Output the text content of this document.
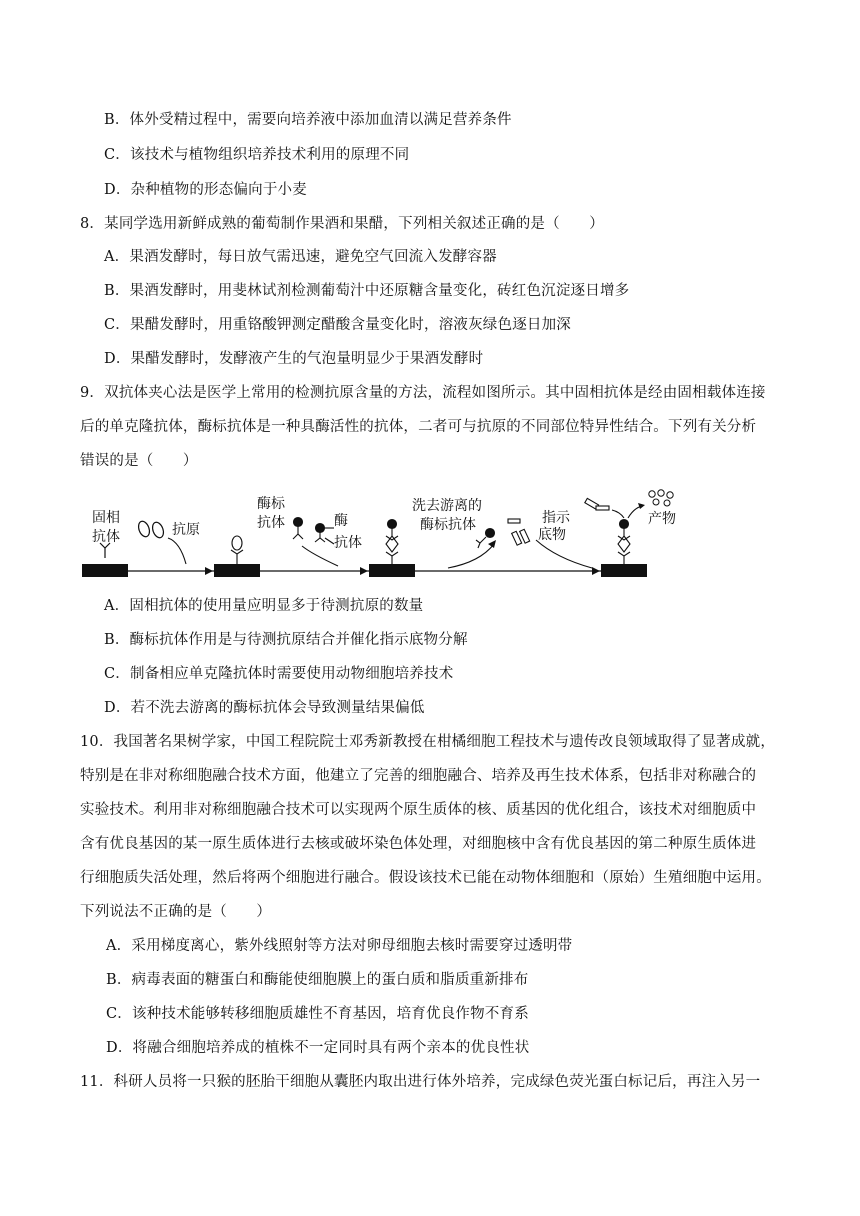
B．体外受精过程中，需要向培养液中添加血清以满足营养条件
C．该技术与植物组织培养技术利用的原理不同
D．杂种植物的形态偏向于小麦
8．某同学选用新鲜成熟的葡萄制作果酒和果醋，下列相关叙述正确的是（　　）
A．果酒发酵时，每日放气需迅速，避免空气回流入发酵容器
B．果酒发酵时，用斐林试剂检测葡萄汁中还原糖含量变化，砖红色沉淀逐日增多
C．果醋发酵时，用重铬酸钾测定醋酸含量变化时，溶液灰绿色逐日加深
D．果醋发酵时，发酵液产生的气泡量明显少于果酒发酵时
9．双抗体夹心法是医学上常用的检测抗原含量的方法，流程如图所示。其中固相抗体是经由固相载体连接
后的单克隆抗体，酶标抗体是一种具酶活性的抗体，二者可与抗原的不同部位特异性结合。下列有关分析
错误的是（　　）
固相
抗体	抗原
酶标
抗体	酶
抗体
洗去游离的
酶标抗体	指示
底物
产物
A．固相抗体的使用量应明显多于待测抗原的数量
B．酶标抗体作用是与待测抗原结合并催化指示底物分解
C．制备相应单克隆抗体时需要使用动物细胞培养技术
D．若不洗去游离的酶标抗体会导致测量结果偏低
10．我国著名果树学家，中国工程院院士邓秀新教授在柑橘细胞工程技术与遗传改良领域取得了显著成就，
特别是在非对称细胞融合技术方面，他建立了完善的细胞融合、培养及再生技术体系，包括非对称融合的
实验技术。利用非对称细胞融合技术可以实现两个原生质体的核、质基因的优化组合，该技术对细胞质中
含有优良基因的某一原生质体进行去核或破坏染色体处理，对细胞核中含有优良基因的第二种原生质体进
行细胞质失活处理，然后将两个细胞进行融合。假设该技术已能在动物体细胞和（原始）生殖细胞中运用。
下列说法不正确的是（　　）
A．采用梯度离心，紫外线照射等方法对卵母细胞去核时需要穿过透明带
B．病毒表面的糖蛋白和酶能使细胞膜上的蛋白质和脂质重新排布
C．该种技术能够转移细胞质雄性不育基因，培育优良作物不育系
D．将融合细胞培养成的植株不一定同时具有两个亲本的优良性状
11．科研人员将一只猴的胚胎干细胞从囊胚内取出进行体外培养，完成绿色荧光蛋白标记后，再注入另一
